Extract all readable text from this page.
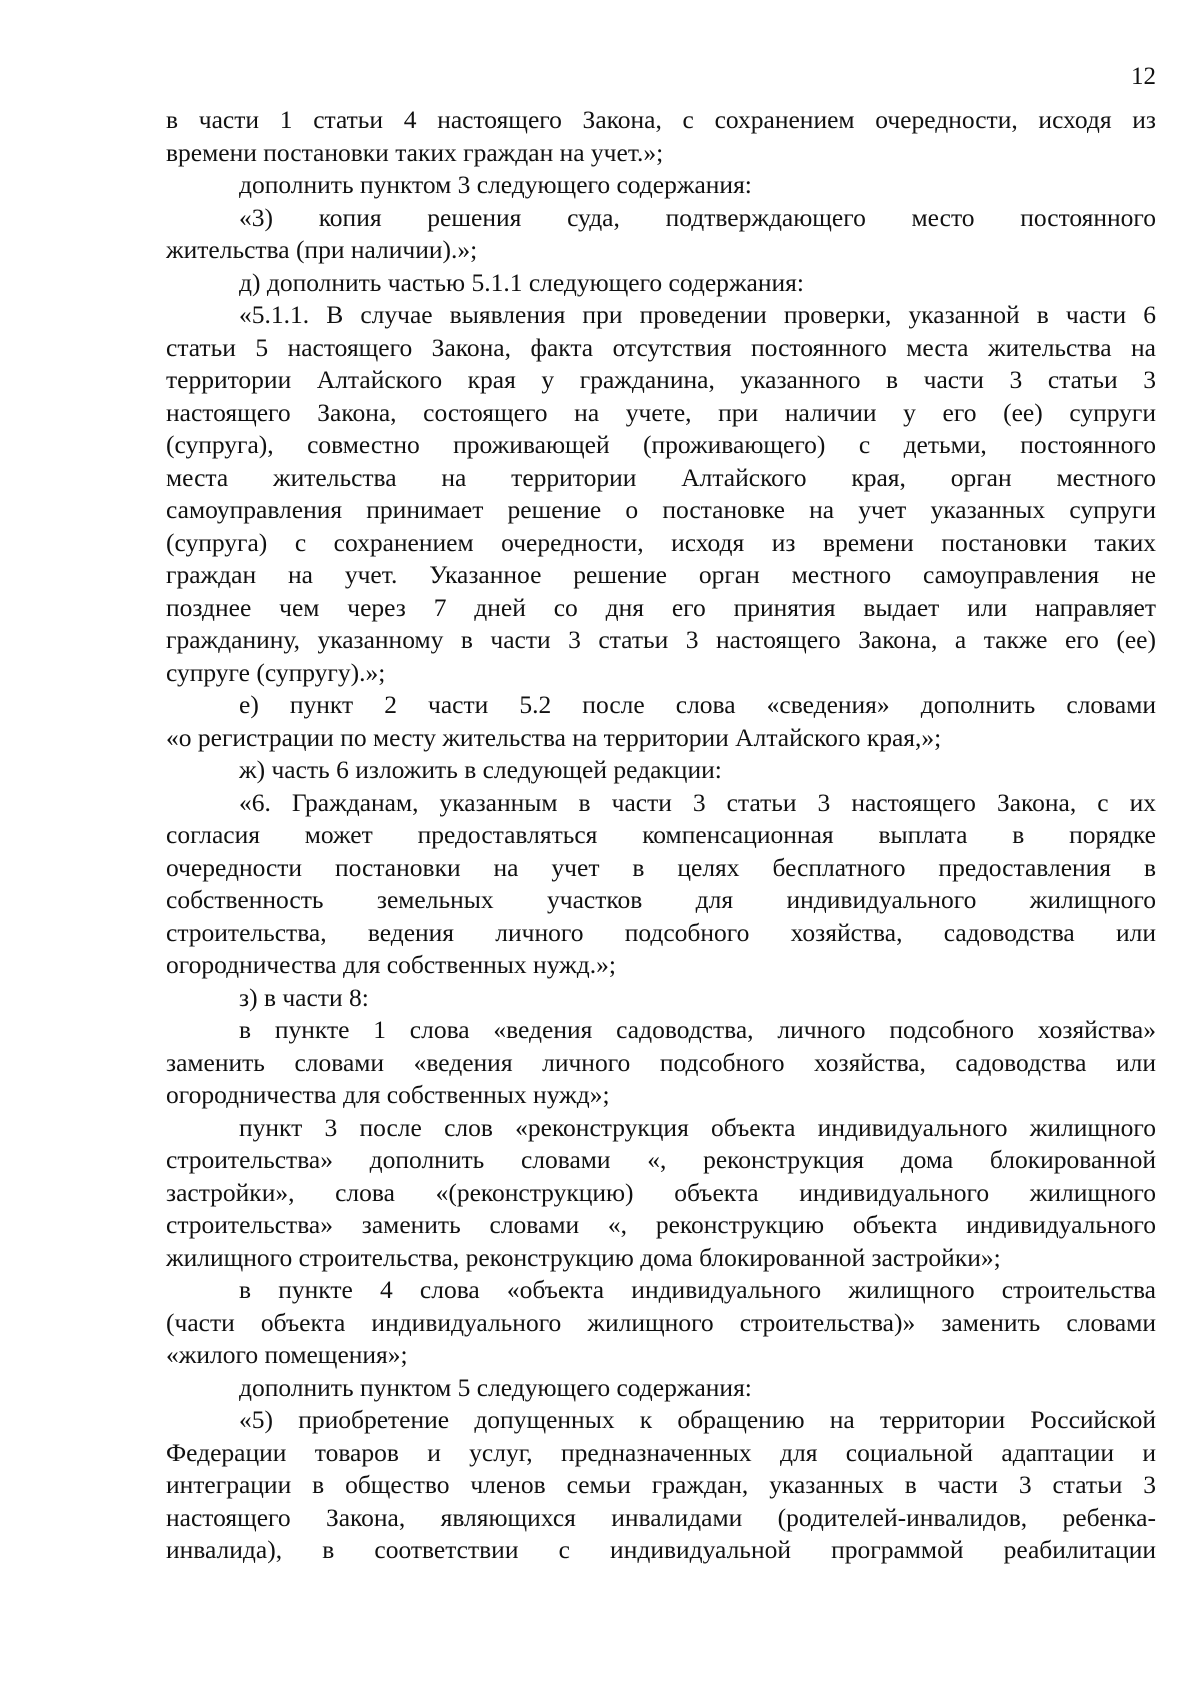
12
в части 1 статьи 4 настоящего Закона, с сохранением очередности, исходя из
времени постановки таких граждан на учет.»;
дополнить пунктом 3 следующего содержания:
«3) копия решения суда, подтверждающего место постоянного
жительства (при наличии).»;
д) дополнить частью 5.1.1 следующего содержания:
«5.1.1. В случае выявления при проведении проверки, указанной в части 6
статьи 5 настоящего Закона, факта отсутствия постоянного места жительства на
территории Алтайского края у гражданина, указанного в части 3 статьи 3
настоящего Закона, состоящего на учете, при наличии у его (ее) супруги
(супруга), совместно проживающей (проживающего) с детьми, постоянного
места жительства на территории Алтайского края, орган местного
самоуправления принимает решение о постановке на учет указанных супруги
(супруга) с сохранением очередности, исходя из времени постановки таких
граждан на учет. Указанное решение орган местного самоуправления не
позднее чем через 7 дней со дня его принятия выдает или направляет
гражданину, указанному в части 3 статьи 3 настоящего Закона, а также его (ее)
супруге (супругу).»;
е) пункт 2 части 5.2 после слова «сведения» дополнить словами
«о регистрации по месту жительства на территории Алтайского края,»;
ж) часть 6 изложить в следующей редакции:
«6. Гражданам, указанным в части 3 статьи 3 настоящего Закона, с их
согласия может предоставляться компенсационная выплата в порядке
очередности постановки на учет в целях бесплатного предоставления в
собственность земельных участков для индивидуального жилищного
строительства, ведения личного подсобного хозяйства, садоводства или
огородничества для собственных нужд.»;
з) в части 8:
в пункте 1 слова «ведения садоводства, личного подсобного хозяйства»
заменить словами «ведения личного подсобного хозяйства, садоводства или
огородничества для собственных нужд»;
пункт 3 после слов «реконструкция объекта индивидуального жилищного
строительства» дополнить словами «, реконструкция дома блокированной
застройки», слова «(реконструкцию) объекта индивидуального жилищного
строительства» заменить словами «, реконструкцию объекта индивидуального
жилищного строительства, реконструкцию дома блокированной застройки»;
в пункте 4 слова «объекта индивидуального жилищного строительства
(части объекта индивидуального жилищного строительства)» заменить словами
«жилого помещения»;
дополнить пунктом 5 следующего содержания:
«5) приобретение допущенных к обращению на территории Российской
Федерации товаров и услуг, предназначенных для социальной адаптации и
интеграции в общество членов семьи граждан, указанных в части 3 статьи 3
настоящего Закона, являющихся инвалидами (родителей-инвалидов, ребенка-
инвалида), в соответствии с индивидуальной программой реабилитации
